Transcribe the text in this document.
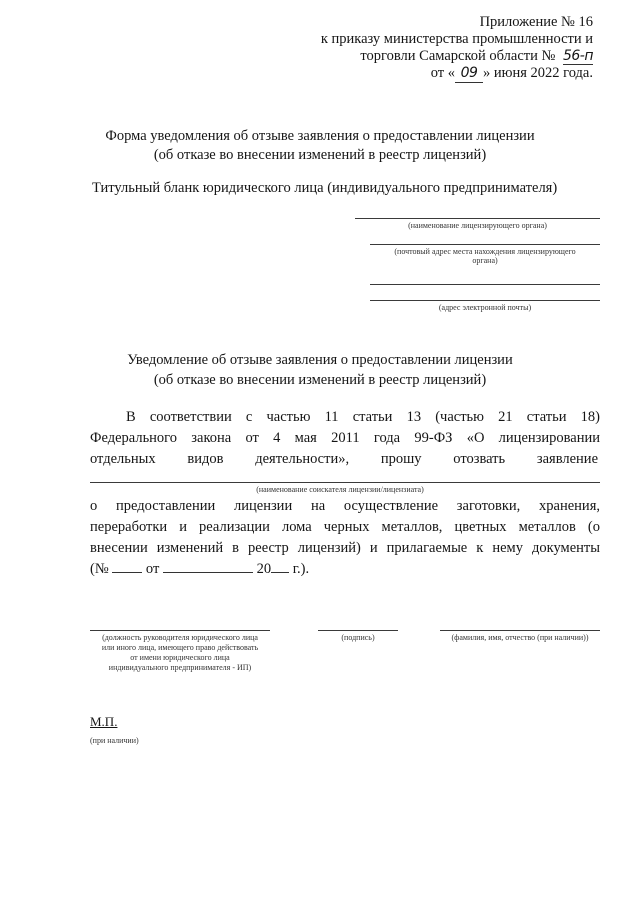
Приложение № 16
к приказу министерства промышленности и
торговли Самарской области № 56-п
от « 09 » июня 2022 года.
Форма уведомления об отзыве заявления о предоставлении лицензии
(об отказе во внесении изменений в реестр лицензий)
Титульный бланк юридического лица (индивидуального предпринимателя)
(наименование лицензирующего органа)
(почтовый адрес места нахождения лицензирующего
органа)
(адрес электронной почты)
Уведомление об отзыве заявления о предоставлении лицензии
(об отказе во внесении изменений в реестр лицензий)
В соответствии с частью 11 статьи 13 (частью 21 статьи 18)
Федерального закона от 4 мая 2011 года 99-ФЗ «О лицензировании
отдельных видов деятельности», прошу отозвать заявление
(наименование соискателя лицензии/лицензиата)
о предоставлении лицензии на осуществление заготовки, хранения,
переработки и реализации лома черных металлов, цветных металлов (о
внесении изменений в реестр лицензий) и прилагаемые к нему документы
(№	от	20 г.).
(должность руководителя юридического лица
или иного лица, имеющего право действовать
от имени юридического лица
индивидуального предпринимателя - ИП)
(подпись)	(фамилия, имя, отчество (при наличии))
М.П.
(при наличии)
